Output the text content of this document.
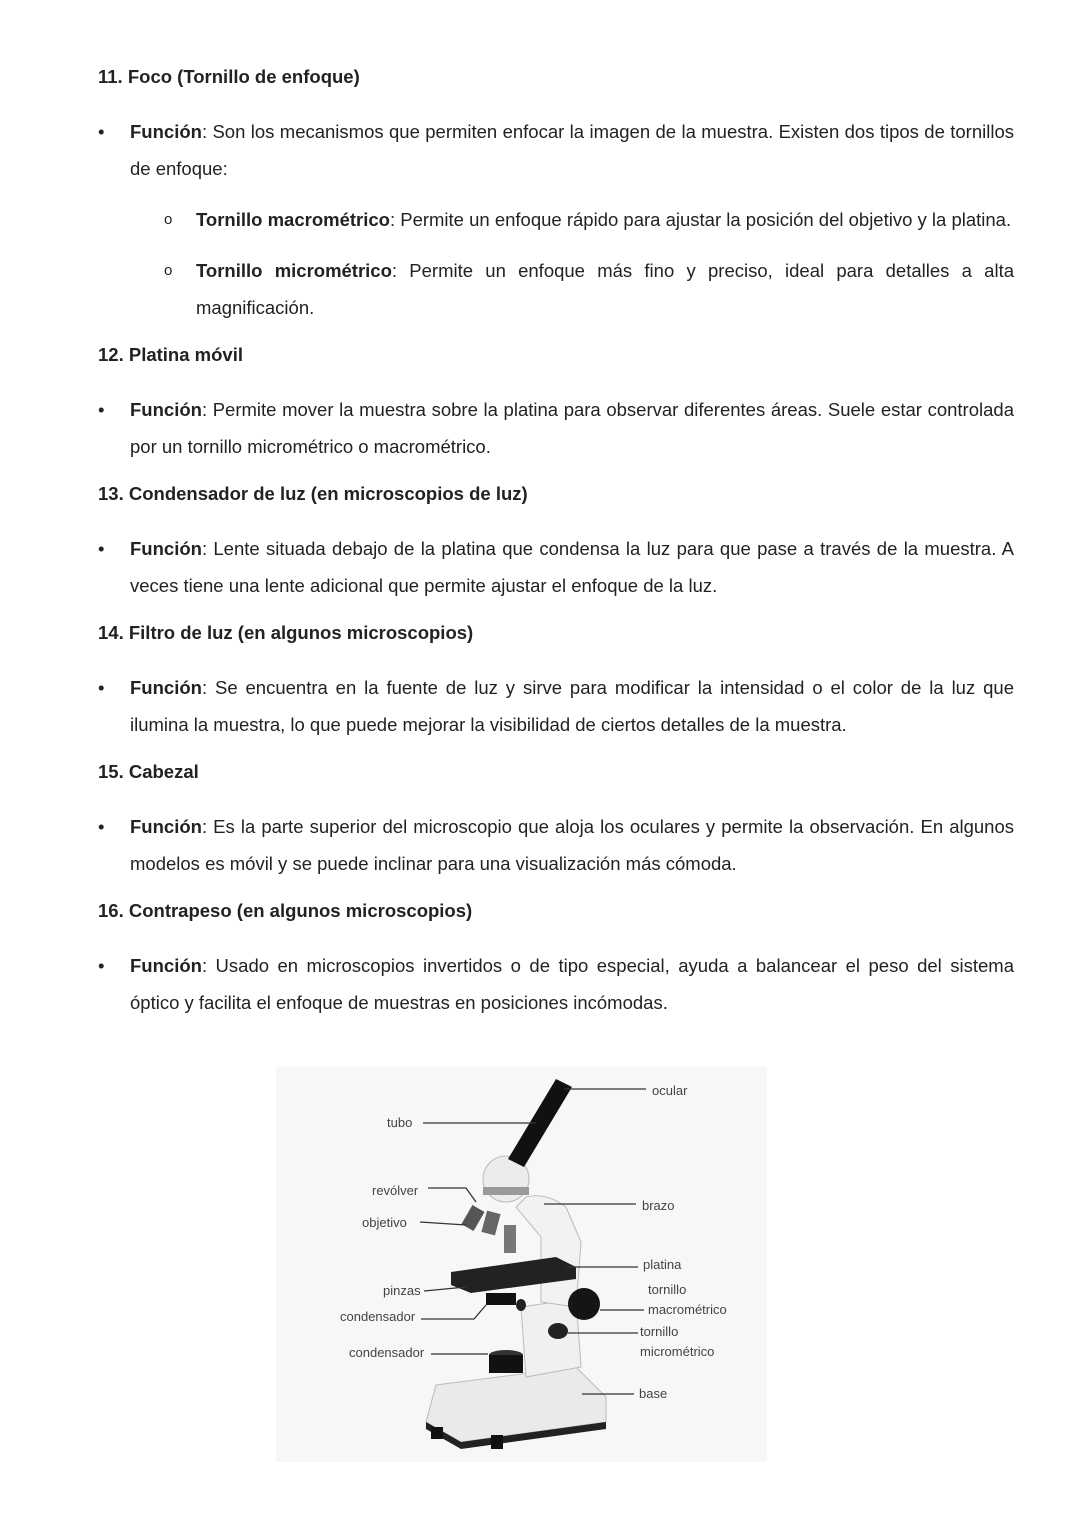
11. Foco (Tornillo de enfoque)
• Función: Son los mecanismos que permiten enfocar la imagen de la muestra. Existen dos tipos de tornillos de enfoque:
o Tornillo macrométrico: Permite un enfoque rápido para ajustar la posición del objetivo y la platina.
o Tornillo micrométrico: Permite un enfoque más fino y preciso, ideal para detalles a alta magnificación.
12. Platina móvil
• Función: Permite mover la muestra sobre la platina para observar diferentes áreas. Suele estar controlada por un tornillo micrométrico o macrométrico.
13. Condensador de luz (en microscopios de luz)
• Función: Lente situada debajo de la platina que condensa la luz para que pase a través de la muestra. A veces tiene una lente adicional que permite ajustar el enfoque de la luz.
14. Filtro de luz (en algunos microscopios)
• Función: Se encuentra en la fuente de luz y sirve para modificar la intensidad o el color de la luz que ilumina la muestra, lo que puede mejorar la visibilidad de ciertos detalles de la muestra.
15. Cabezal
• Función: Es la parte superior del microscopio que aloja los oculares y permite la observación. En algunos modelos es móvil y se puede inclinar para una visualización más cómoda.
16. Contrapeso (en algunos microscopios)
• Función: Usado en microscopios invertidos o de tipo especial, ayuda a balancear el peso del sistema óptico y facilita el enfoque de muestras en posiciones incómodas.
ocular
tubo
revólver
objetivo
brazo
platina
pinzas	tornillo
macrométrico
condensador
tornillo
micrométrico
condensador
base
